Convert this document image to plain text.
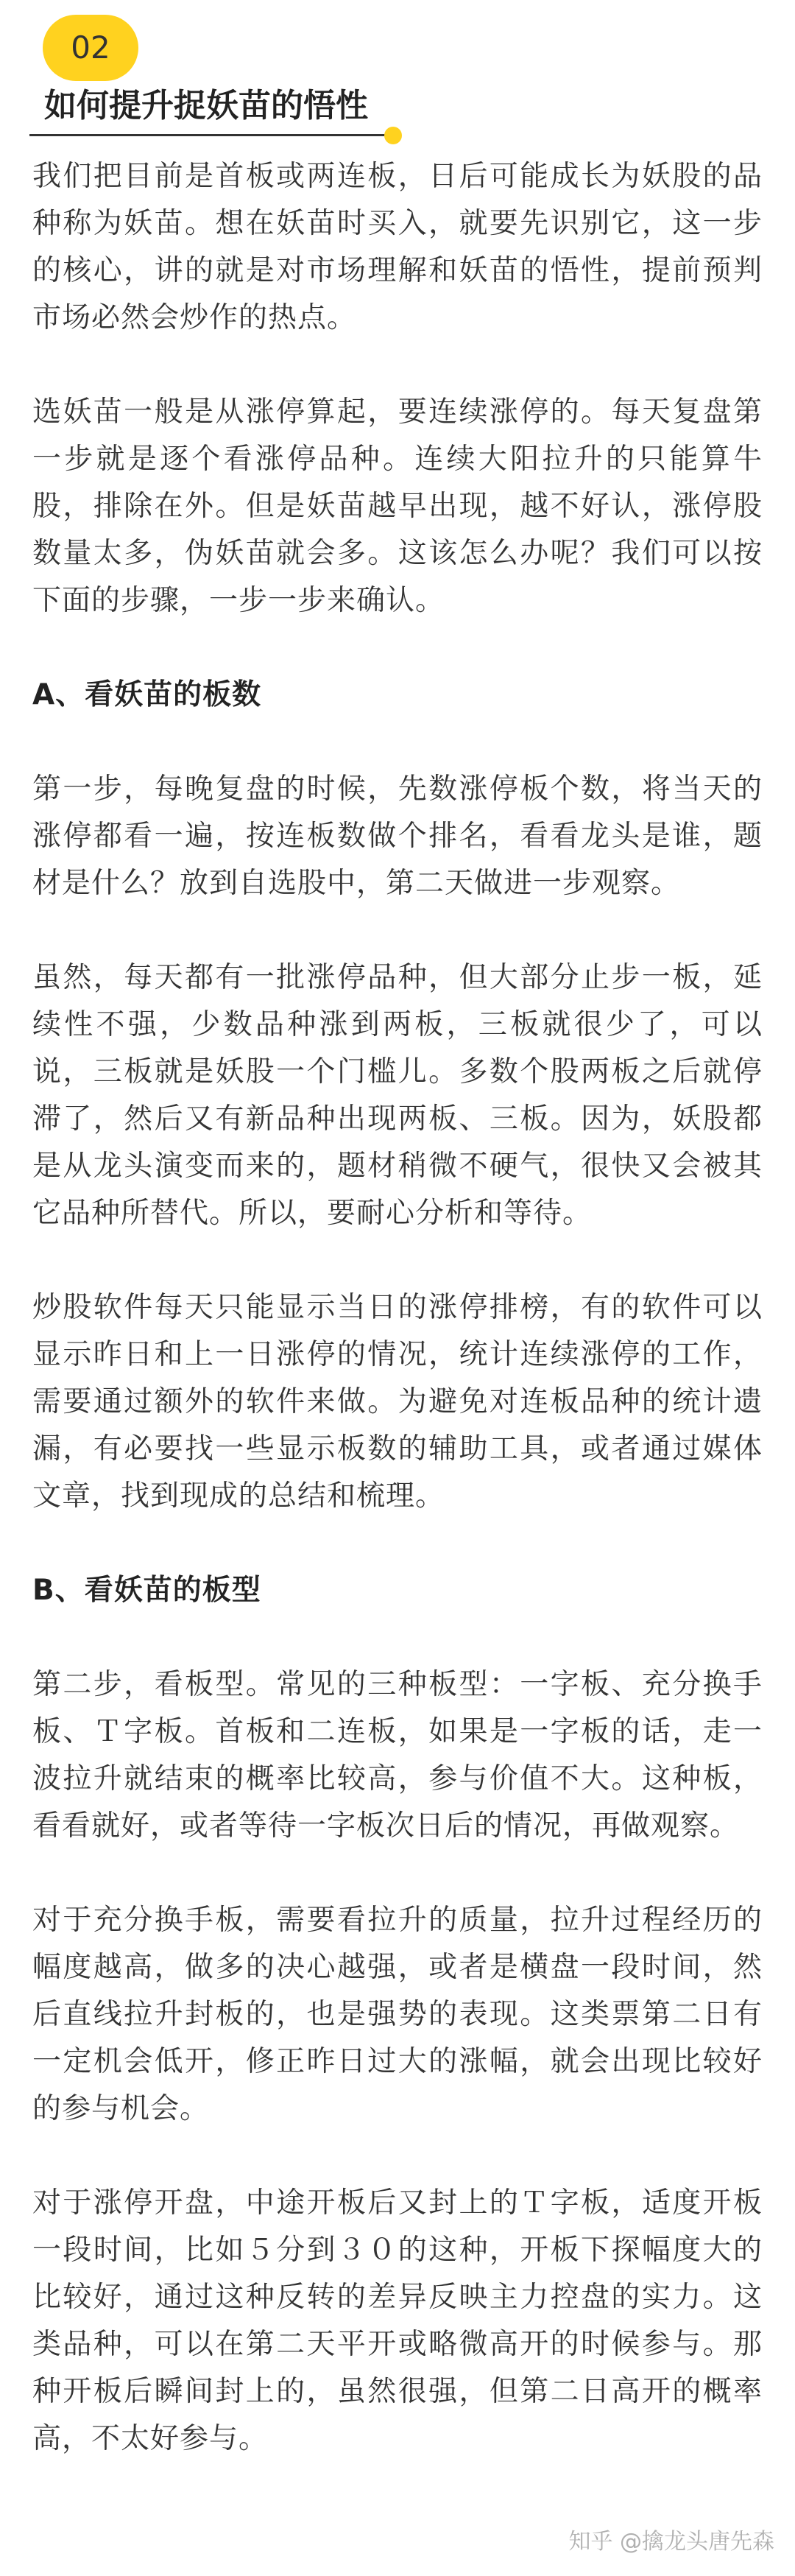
02
如何提升捉妖苗的悟性

我们把目前是首板或两连板，日后可能成长为妖股的品种称为妖苗。想在妖苗时买入，就要先识别它，这一步的核心，讲的就是对市场理解和妖苗的悟性，提前预判市场必然会炒作的热点。

选妖苗一般是从涨停算起，要连续涨停的。每天复盘第一步就是逐个看涨停品种。连续大阳拉升的只能算牛股，排除在外。但是妖苗越早出现，越不好认，涨停股数量太多，伪妖苗就会多。这该怎么办呢？我们可以按下面的步骤，一步一步来确认。

A、看妖苗的板数

第一步，每晚复盘的时候，先数涨停板个数，将当天的涨停都看一遍，按连板数做个排名，看看龙头是谁，题材是什么？放到自选股中，第二天做进一步观察。

虽然，每天都有一批涨停品种，但大部分止步一板，延续性不强，少数品种涨到两板，三板就很少了，可以说，三板就是妖股一个门槛儿。多数个股两板之后就停滞了，然后又有新品种出现两板、三板。因为，妖股都是从龙头演变而来的，题材稍微不硬气，很快又会被其它品种所替代。所以，要耐心分析和等待。

炒股软件每天只能显示当日的涨停排榜，有的软件可以显示昨日和上一日涨停的情况，统计连续涨停的工作，需要通过额外的软件来做。为避免对连板品种的统计遗漏，有必要找一些显示板数的辅助工具，或者通过媒体文章，找到现成的总结和梳理。

B、看妖苗的板型

第二步，看板型。常见的三种板型：一字板、充分换手板、Ｔ字板。首板和二连板，如果是一字板的话，走一波拉升就结束的概率比较高，参与价值不大。这种板，看看就好，或者等待一字板次日后的情况，再做观察。

对于充分换手板，需要看拉升的质量，拉升过程经历的幅度越高，做多的决心越强，或者是横盘一段时间，然后直线拉升封板的，也是强势的表现。这类票第二日有一定机会低开，修正昨日过大的涨幅，就会出现比较好的参与机会。

对于涨停开盘，中途开板后又封上的Ｔ字板，适度开板一段时间，比如５分到３０的这种，开板下探幅度大的比较好，通过这种反转的差异反映主力控盘的实力。这类品种，可以在第二天平开或略微高开的时候参与。那种开板后瞬间封上的，虽然很强，但第二日高开的概率高，不太好参与。

知乎 @擒龙头唐先森
